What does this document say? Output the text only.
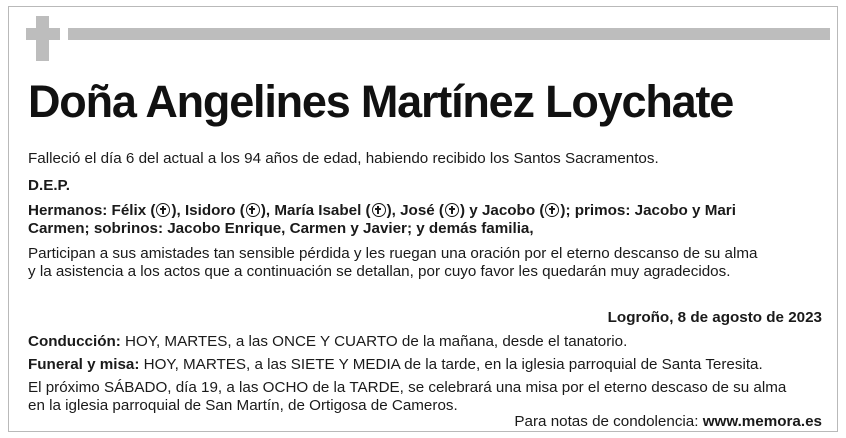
Doña Angelines Martínez Loychate
Falleció el día 6 del actual a los 94 años de edad, habiendo recibido los Santos Sacramentos.
D.E.P.
Hermanos: Félix ( ), Isidoro ( ), María Isabel ( ), José ( ) y Jacobo ( ); primos: Jacobo y Mari
Carmen; sobrinos: Jacobo Enrique, Carmen y Javier; y demás familia,
Participan a sus amistades tan sensible pérdida y les ruegan una oración por el eterno descanso de su alma
y la asistencia a los actos que a continuación se detallan, por cuyo favor les quedarán muy agradecidos.
Logroño, 8 de agosto de 2023
Conducción: HOY, MARTES, a las ONCE Y CUARTO de la mañana, desde el tanatorio.
Funeral y misa: HOY, MARTES, a las SIETE Y MEDIA de la tarde, en la iglesia parroquial de Santa Teresita.
El próximo SÁBADO, día 19, a las OCHO de la TARDE, se celebrará una misa por el eterno descaso de su alma
en la iglesia parroquial de San Martín, de Ortigosa de Cameros.
Para notas de condolencia: www.memora.es
